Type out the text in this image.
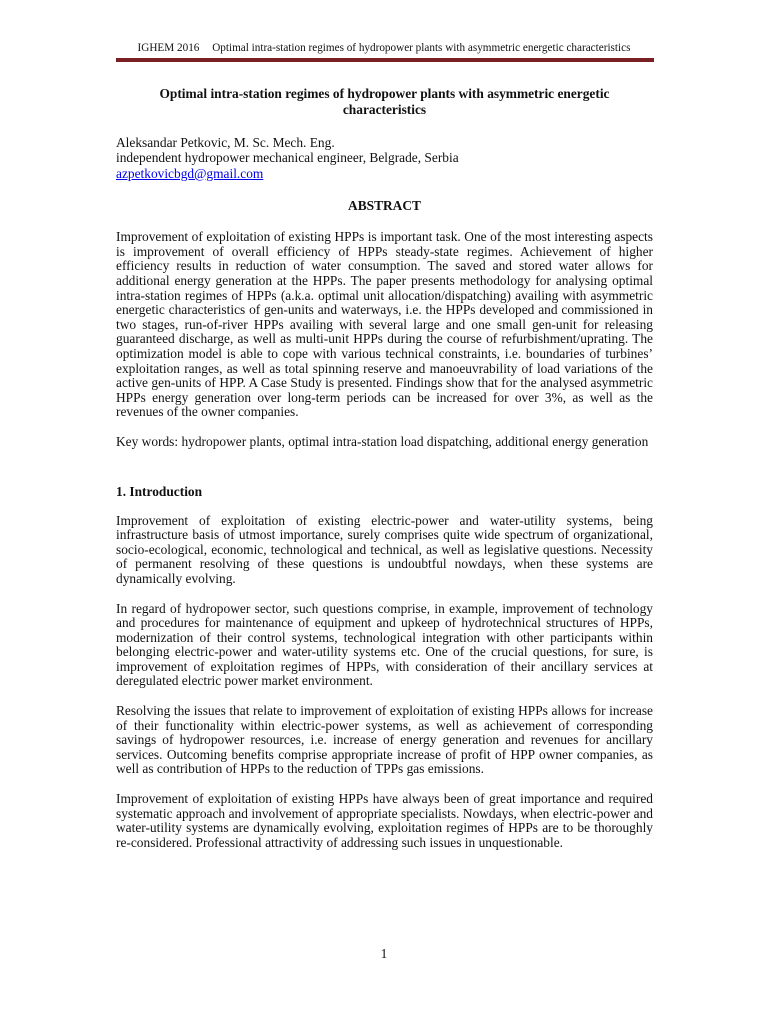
IGHEM 2016 Optimal intra-station regimes of hydropower plants with asymmetric energetic characteristics
Optimal intra-station regimes of hydropower plants with asymmetric energetic characteristics
Aleksandar Petkovic, M. Sc. Mech. Eng.
independent hydropower mechanical engineer, Belgrade, Serbia
azpetkovicbgd@gmail.com
ABSTRACT

Improvement of exploitation of existing HPPs is important task. One of the most interesting aspects is improvement of overall efficiency of HPPs steady-state regimes. Achievement of higher efficiency results in reduction of water consumption. The saved and stored water allows for additional energy generation at the HPPs. The paper presents methodology for analysing optimal intra-station regimes of HPPs (a.k.a. optimal unit allocation/dispatching) availing with asymmetric energetic characteristics of gen-units and waterways, i.e. the HPPs developed and commissioned in two stages, run-of-river HPPs availing with several large and one small gen-unit for releasing guaranteed discharge, as well as multi-unit HPPs during the course of refurbishment/uprating. The optimization model is able to cope with various technical constraints, i.e. boundaries of turbines’ exploitation ranges, as well as total spinning reserve and manoeuvrability of load variations of the active gen-units of HPP. A Case Study is presented. Findings show that for the analysed asymmetric HPPs energy generation over long-term periods can be increased for over 3%, as well as the revenues of the owner companies.

Key words: hydropower plants, optimal intra-station load dispatching, additional energy generation

1. Introduction

Improvement of exploitation of existing electric-power and water-utility systems, being infrastructure basis of utmost importance, surely comprises quite wide spectrum of organizational, socio-ecological, economic, technological and technical, as well as legislative questions. Necessity of permanent resolving of these questions is undoubtful nowdays, when these systems are dynamically evolving.

In regard of hydropower sector, such questions comprise, in example, improvement of technology and procedures for maintenance of equipment and upkeep of hydrotechnical structures of HPPs, modernization of their control systems, technological integration with other participants within belonging electric-power and water-utility systems etc. One of the crucial questions, for sure, is improvement of exploitation regimes of HPPs, with consideration of their ancillary services at deregulated electric power market environment.

Resolving the issues that relate to improvement of exploitation of existing HPPs allows for increase of their functionality within electric-power systems, as well as achievement of corresponding savings of hydropower resources, i.e. increase of energy generation and revenues for ancillary services. Outcoming benefits comprise appropriate increase of profit of HPP owner companies, as well as contribution of HPPs to the reduction of TPPs gas emissions.

Improvement of exploitation of existing HPPs have always been of great importance and required systematic approach and involvement of appropriate specialists. Nowdays, when electric-power and water-utility systems are dynamically evolving, exploitation regimes of HPPs are to be thoroughly re-considered. Professional attractivity of addressing such issues in unquestionable.

1
